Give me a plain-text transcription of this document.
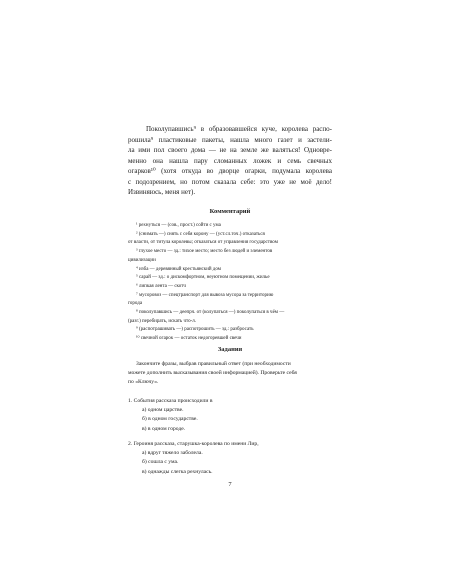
Поколупавшись⁹ в образовавшейся куче, королева распо-
рошила⁹ пластиковые пакеты, нашла много газет и застели-
ла ими пол своего дома — не на земле же валяться! Одновре-
менно она нашла пару сломанных ложек и семь свечных
огарков¹⁰ (хотя откуда во дворце огарки, подумала королева
с подозрением, но потом сказала себе: это уже не моё дело!
Извиняюсь, меня нет).
Комментарий
¹ рехнуться — (сов., прост.) сойти с ума
² (снимать —) снять с себя корону — (уст.сл.точ.) отказаться
от власти, от титула королевы; отказаться от управления государством
³ глухое место — зд.: тихое место; место без людей и элементов
цивилизации
⁴ изба — деревянный крестьянский дом
⁵ сарай — зд.: о дискомфортном, неуютном помещении, жилье
⁶ липкая лента — скотч
⁷ мусоровоз — спецтранспорт для вывоза мусора за территорию
города
⁸ поколупавшись — деепрч. от (колупаться —) поколупаться в чём —
(разг.) перебирать, искать что-л.
⁹ (распотрашивать —) распотрошить — зд.: разбросать
¹⁰ свечной огарок — остаток недогоревшей свечи
Задания
Закончите фразы, выбрав правильный ответ (при необходимости
можете дополнить высказывания своей информацией). Проверьте себя
по «Ключу».
1. События рассказа происходили в
а) одном царстве.
б) в одном государстве.
в) в одном городе.
2. Героиня рассказа, старушка-королева по имени Лир,
а) вдруг тяжело заболела.
б) сошла с ума.
в) однажды слегка рехнулась.
7
